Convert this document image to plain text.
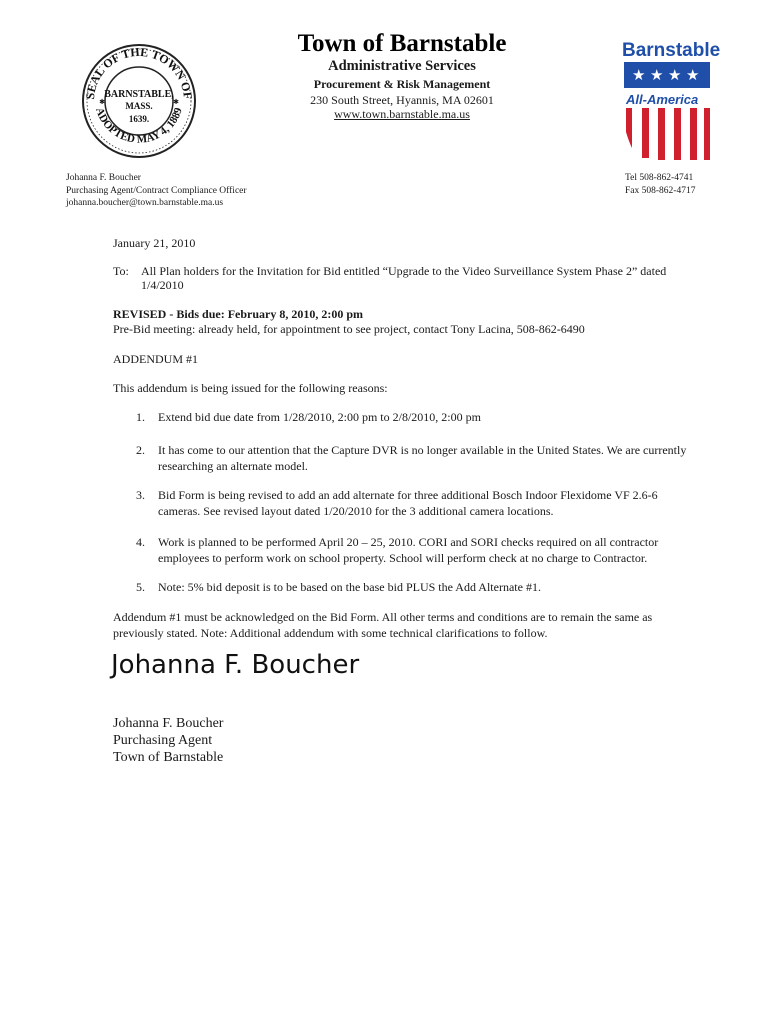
SEAL OF THE TOWN OF
ADOPTED MAY 4, 1889
BARNSTABLE,
MASS.
1639.
✱	✱
Town of Barnstable
Administrative Services
Procurement & Risk Management
230 South Street, Hyannis, MA 02601
www.town.barnstable.ma.us
Barnstable
★ ★ ★ ★
All-America
Johanna F. Boucher
Purchasing Agent/Contract Compliance Officer
johanna.boucher@town.barnstable.ma.us
Tel 508-862-4741
Fax 508-862-4717
January 21, 2010
To: All Plan holders for the Invitation for Bid entitled “Upgrade to the Video Surveillance System Phase 2” dated 1/4/2010
REVISED - Bids due: February 8, 2010, 2:00 pm
Pre-Bid meeting: already held, for appointment to see project, contact Tony Lacina, 508-862-6490
ADDENDUM #1
This addendum is being issued for the following reasons:
1. Extend bid due date from 1/28/2010, 2:00 pm to 2/8/2010, 2:00 pm
2. It has come to our attention that the Capture DVR is no longer available in the United States. We are currently researching an alternate model.
3. Bid Form is being revised to add an add alternate for three additional Bosch Indoor Flexidome VF 2.6-6 cameras. See revised layout dated 1/20/2010 for the 3 additional camera locations.
4. Work is planned to be performed April 20 – 25, 2010. CORI and SORI checks required on all contractor employees to perform work on school property. School will perform check at no charge to Contractor.
5. Note: 5% bid deposit is to be based on the base bid PLUS the Add Alternate #1.
Addendum #1 must be acknowledged on the Bid Form. All other terms and conditions are to remain the same as previously stated. Note: Additional addendum with some technical clarifications to follow.
Johanna F. Boucher
Johanna F. Boucher
Purchasing Agent
Town of Barnstable
